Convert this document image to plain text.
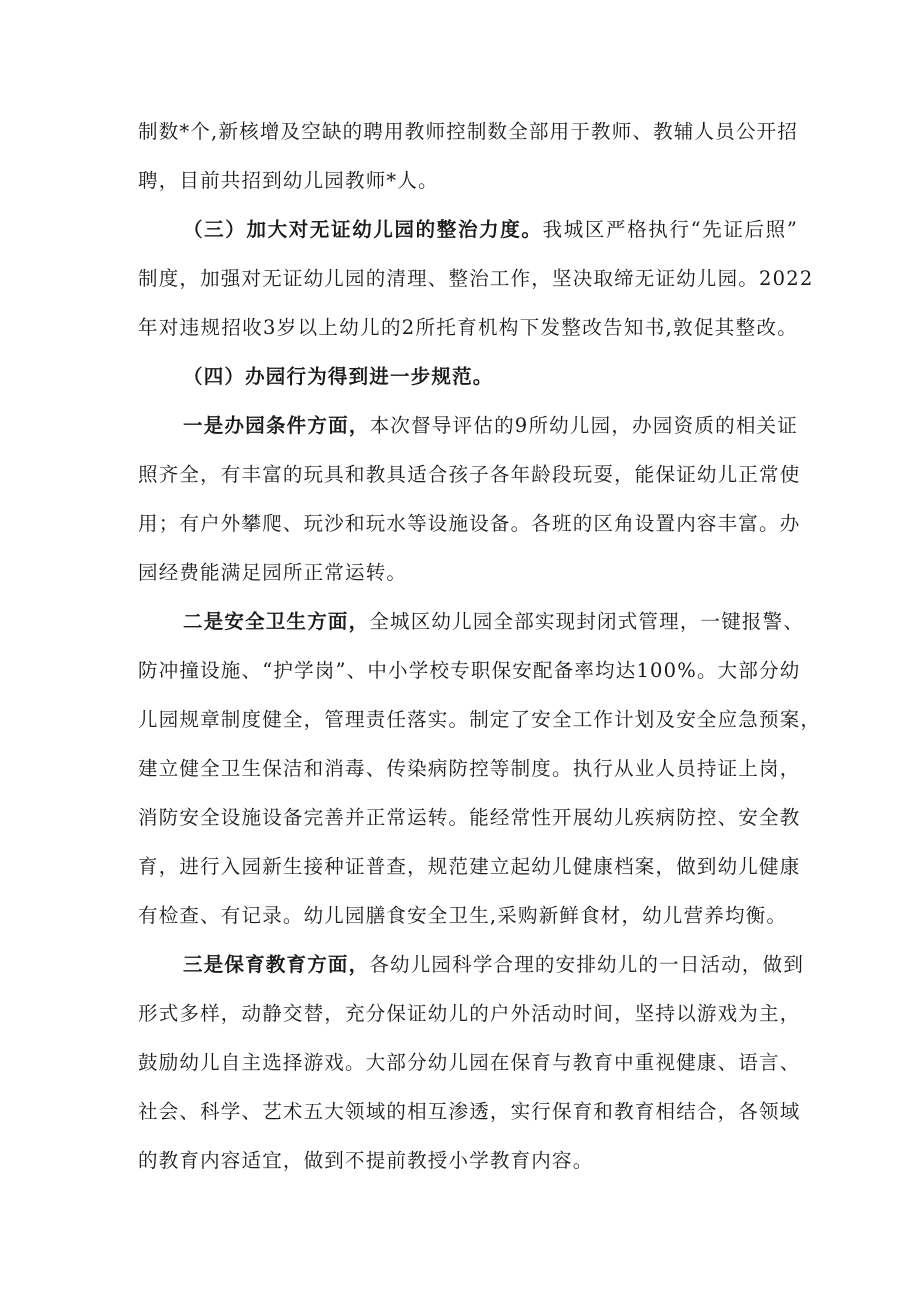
制数*个,新核增及空缺的聘用教师控制数全部用于教师、教辅人员公开招
聘，目前共招到幼儿园教师*人。
（三）加大对无证幼儿园的整治力度。我城区严格执行“先证后照”
制度，加强对无证幼儿园的清理、整治工作，坚决取缔无证幼儿园。2022
年对违规招收3岁以上幼儿的2所托育机构下发整改告知书,敦促其整改。
（四）办园行为得到进一步规范。
一是办园条件方面，本次督导评估的9所幼儿园，办园资质的相关证
照齐全，有丰富的玩具和教具适合孩子各年龄段玩耍，能保证幼儿正常使
用；有户外攀爬、玩沙和玩水等设施设备。各班的区角设置内容丰富。办
园经费能满足园所正常运转。
二是安全卫生方面，全城区幼儿园全部实现封闭式管理，一键报警、
防冲撞设施、“护学岗”、中小学校专职保安配备率均达100%。大部分幼
儿园规章制度健全，管理责任落实。制定了安全工作计划及安全应急预案，
建立健全卫生保洁和消毒、传染病防控等制度。执行从业人员持证上岗，
消防安全设施设备完善并正常运转。能经常性开展幼儿疾病防控、安全教
育，进行入园新生接种证普查，规范建立起幼儿健康档案，做到幼儿健康
有检查、有记录。幼儿园膳食安全卫生,采购新鲜食材，幼儿营养均衡。
三是保育教育方面，各幼儿园科学合理的安排幼儿的一日活动，做到
形式多样，动静交替，充分保证幼儿的户外活动时间，坚持以游戏为主，
鼓励幼儿自主选择游戏。大部分幼儿园在保育与教育中重视健康、语言、
社会、科学、艺术五大领域的相互渗透，实行保育和教育相结合，各领域
的教育内容适宜，做到不提前教授小学教育内容。
